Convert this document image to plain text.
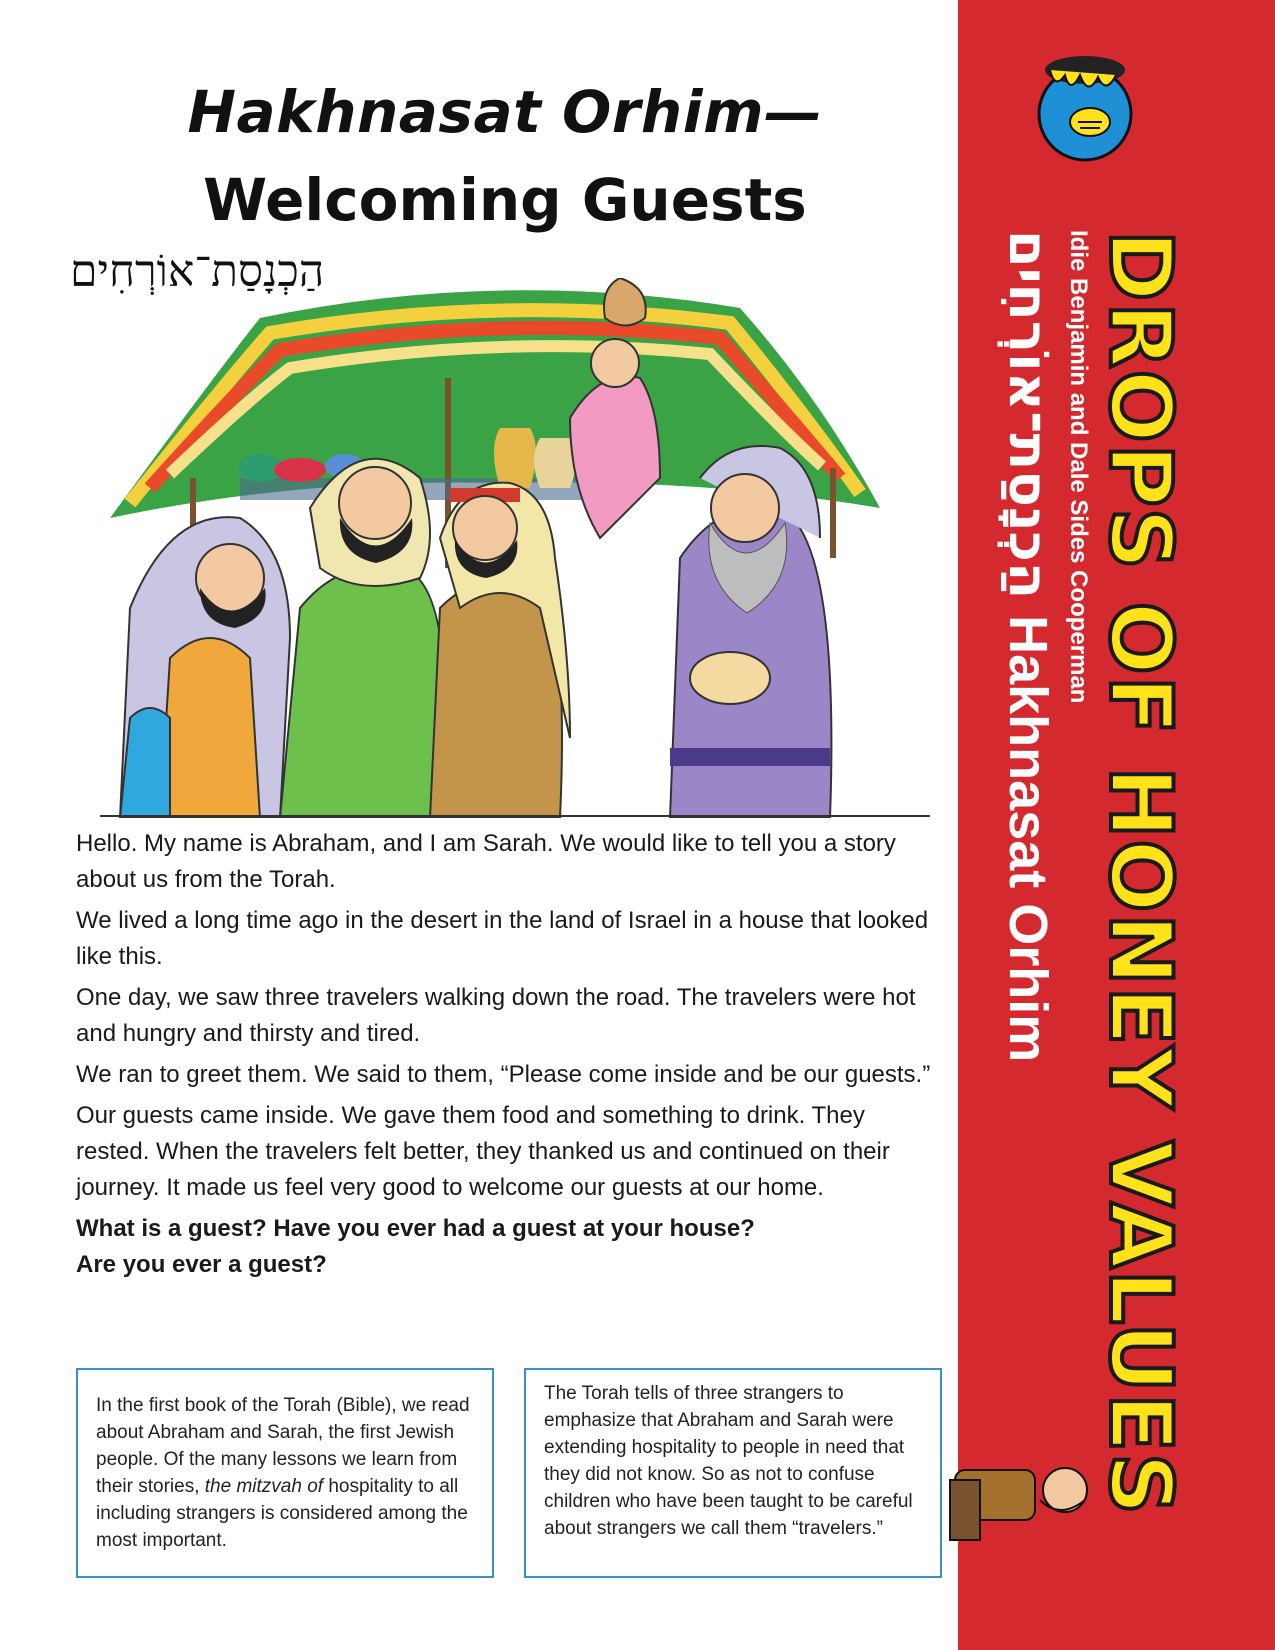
Hakhnasat Orhim—
Welcoming Guests
הַכְנָסַת־אוֹרְחִים

Hello. My name is Abraham, and I am Sarah. We would like to tell you a story about us from the Torah.

We lived a long time ago in the desert in the land of Israel in a house that looked like this.

One day, we saw three travelers walking down the road. The travelers were hot and hungry and thirsty and tired.

We ran to greet them. We said to them, “Please come inside and be our guests.”

Our guests came inside. We gave them food and something to drink. They rested. When the travelers felt better, they thanked us and continued on their journey. It made us feel very good to welcome our guests at our home.

What is a guest? Have you ever had a guest at your house?

Are you ever a guest?

In the first book of the Torah (Bible), we read about Abraham and Sarah, the first Jewish people. Of the many lessons we learn from their stories, the mitzvah of hospitality to all including strangers is considered among the most important.
The Torah tells of three strangers to emphasize that Abraham and Sarah were extending hospitality to people in need that they did not know. So as not to confuse children who have been taught to be careful about strangers we call them “travelers.”
DROPS OF HONEY VALUES
Idie Benjamin and Dale Sides Cooperman
הַכְנָסַת־אוֹרְחִיםHakhnasat Orhim
